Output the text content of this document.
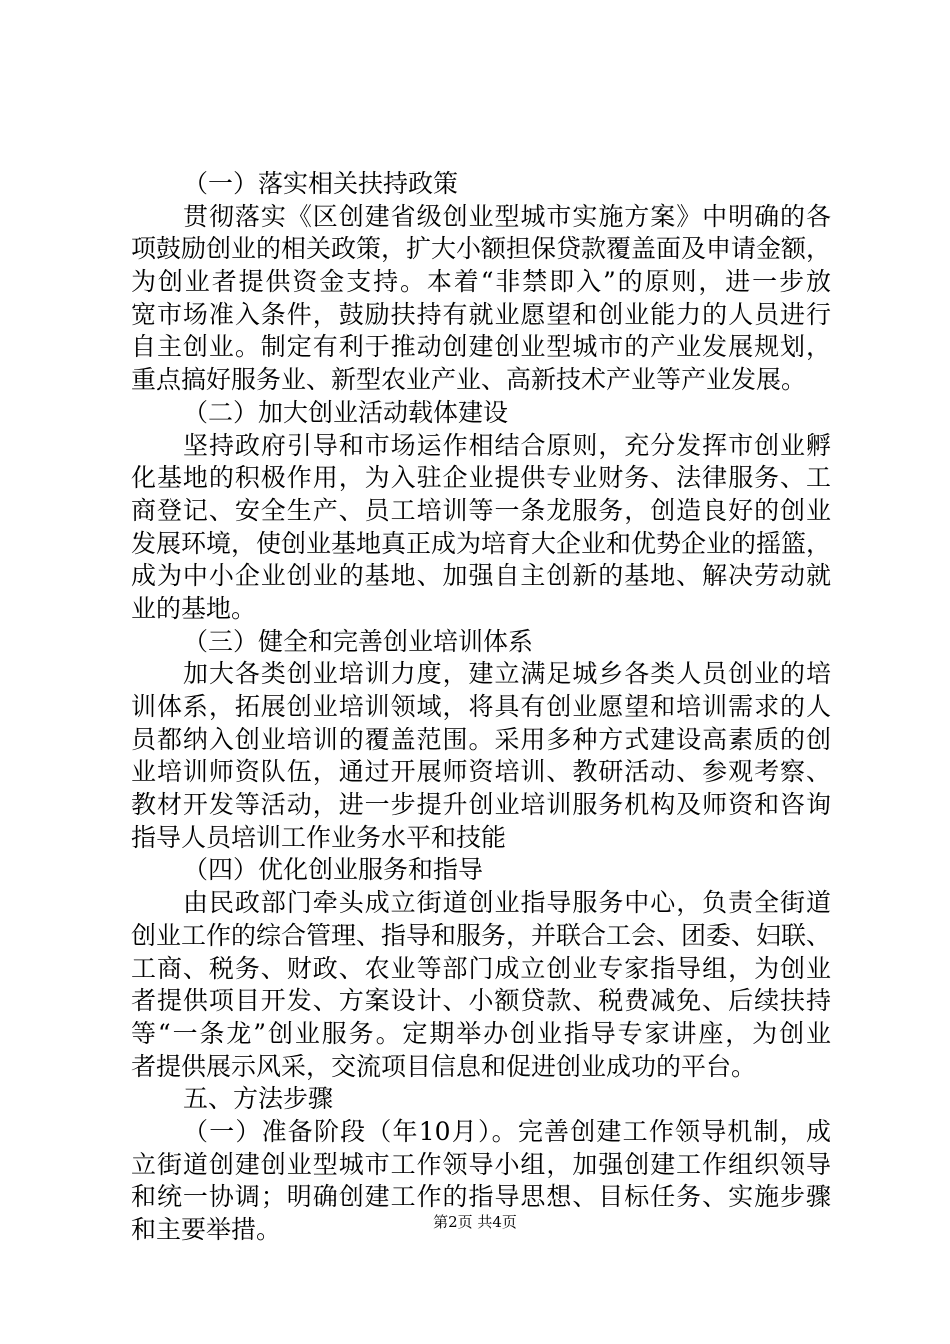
（一）落实相关扶持政策

贯彻落实《区创建省级创业型城市实施方案》中明确的各

项鼓励创业的相关政策，扩大小额担保贷款覆盖面及申请金额，

为创业者提供资金支持。本着“非禁即入”的原则，进一步放

宽市场准入条件，鼓励扶持有就业愿望和创业能力的人员进行

自主创业。制定有利于推动创建创业型城市的产业发展规划，

重点搞好服务业、新型农业产业、高新技术产业等产业发展。

（二）加大创业活动载体建设

坚持政府引导和市场运作相结合原则，充分发挥市创业孵

化基地的积极作用，为入驻企业提供专业财务、法律服务、工

商登记、安全生产、员工培训等一条龙服务，创造良好的创业

发展环境，使创业基地真正成为培育大企业和优势企业的摇篮，

成为中小企业创业的基地、加强自主创新的基地、解决劳动就

业的基地。

（三）健全和完善创业培训体系

加大各类创业培训力度，建立满足城乡各类人员创业的培

训体系，拓展创业培训领域，将具有创业愿望和培训需求的人

员都纳入创业培训的覆盖范围。采用多种方式建设高素质的创

业培训师资队伍，通过开展师资培训、教研活动、参观考察、

教材开发等活动，进一步提升创业培训服务机构及师资和咨询

指导人员培训工作业务水平和技能

（四）优化创业服务和指导

由民政部门牵头成立街道创业指导服务中心，负责全街道

创业工作的综合管理、指导和服务，并联合工会、团委、妇联、

工商、税务、财政、农业等部门成立创业专家指导组，为创业

者提供项目开发、方案设计、小额贷款、税费减免、后续扶持

等“一条龙”创业服务。定期举办创业指导专家讲座，为创业

者提供展示风采，交流项目信息和促进创业成功的平台。

五、方法步骤

（一）准备阶段（年10月）。完善创建工作领导机制，成

立街道创建创业型城市工作领导小组，加强创建工作组织领导

和统一协调；明确创建工作的指导思想、目标任务、实施步骤

和主要举措。	第2页 共4页
